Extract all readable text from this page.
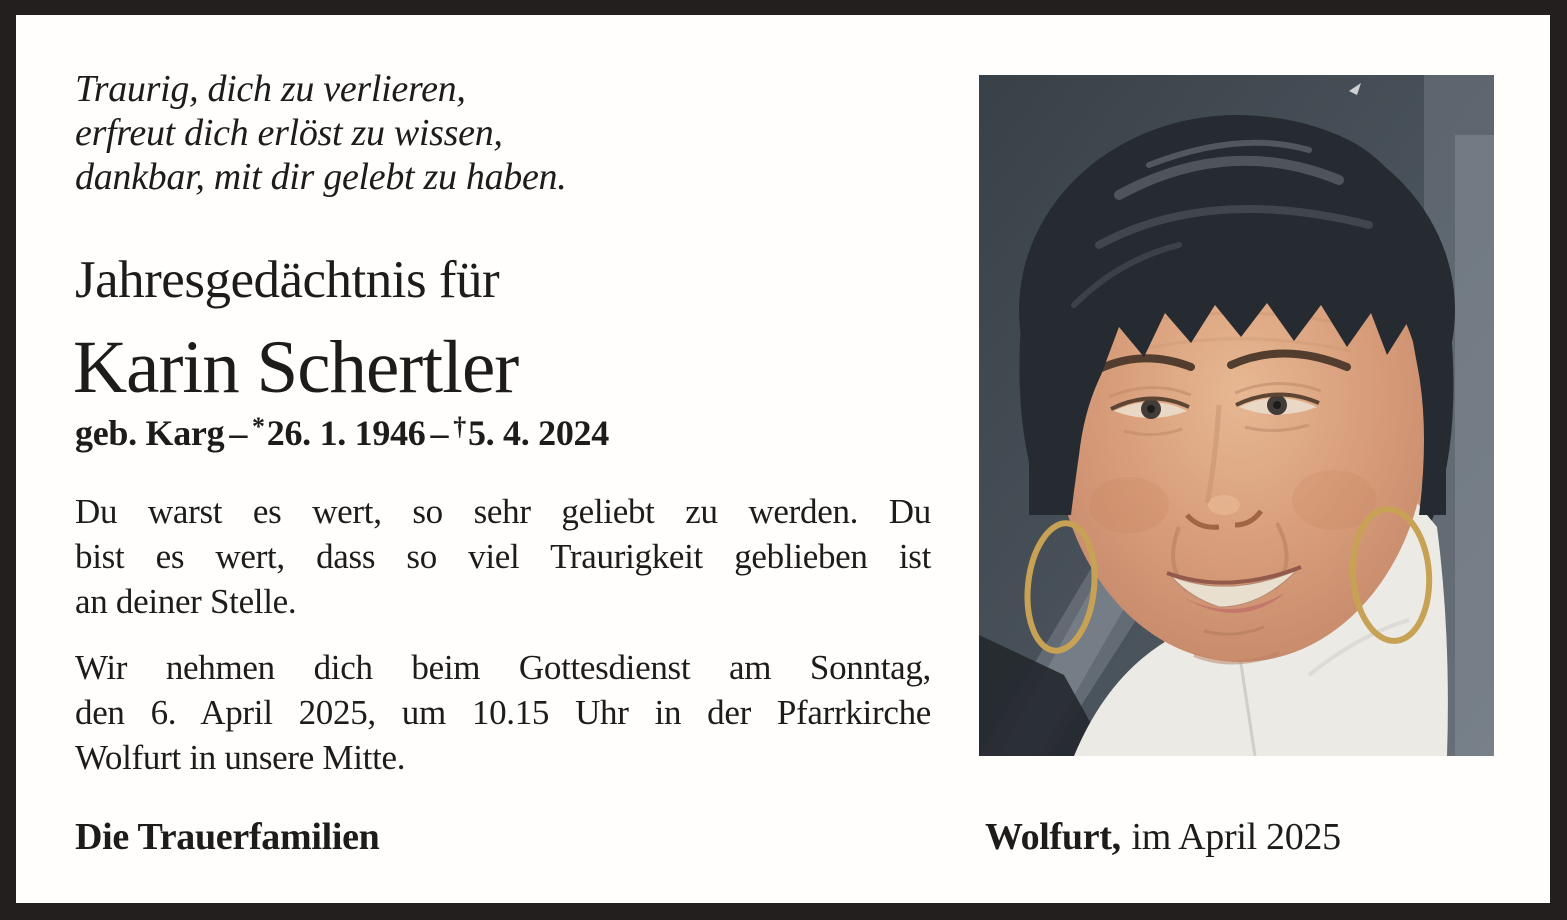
Traurig, dich zu verlieren,
erfreut dich erlöst zu wissen,
dankbar, mit dir gelebt zu haben.
Jahresgedächtnis für
Karin Schertler
geb. Karg – *26. 1. 1946 – †5. 4. 2024
Du warst es wert, so sehr geliebt zu werden. Du
bist es wert, dass so viel Traurigkeit geblieben ist
an deiner Stelle.
Wir nehmen dich beim Gottesdienst am Sonntag,
den 6. April 2025, um 10.15 Uhr in der Pfarrkirche
Wolfurt in unsere Mitte.
Die Trauerfamilien	Wolfurt, im April 2025
